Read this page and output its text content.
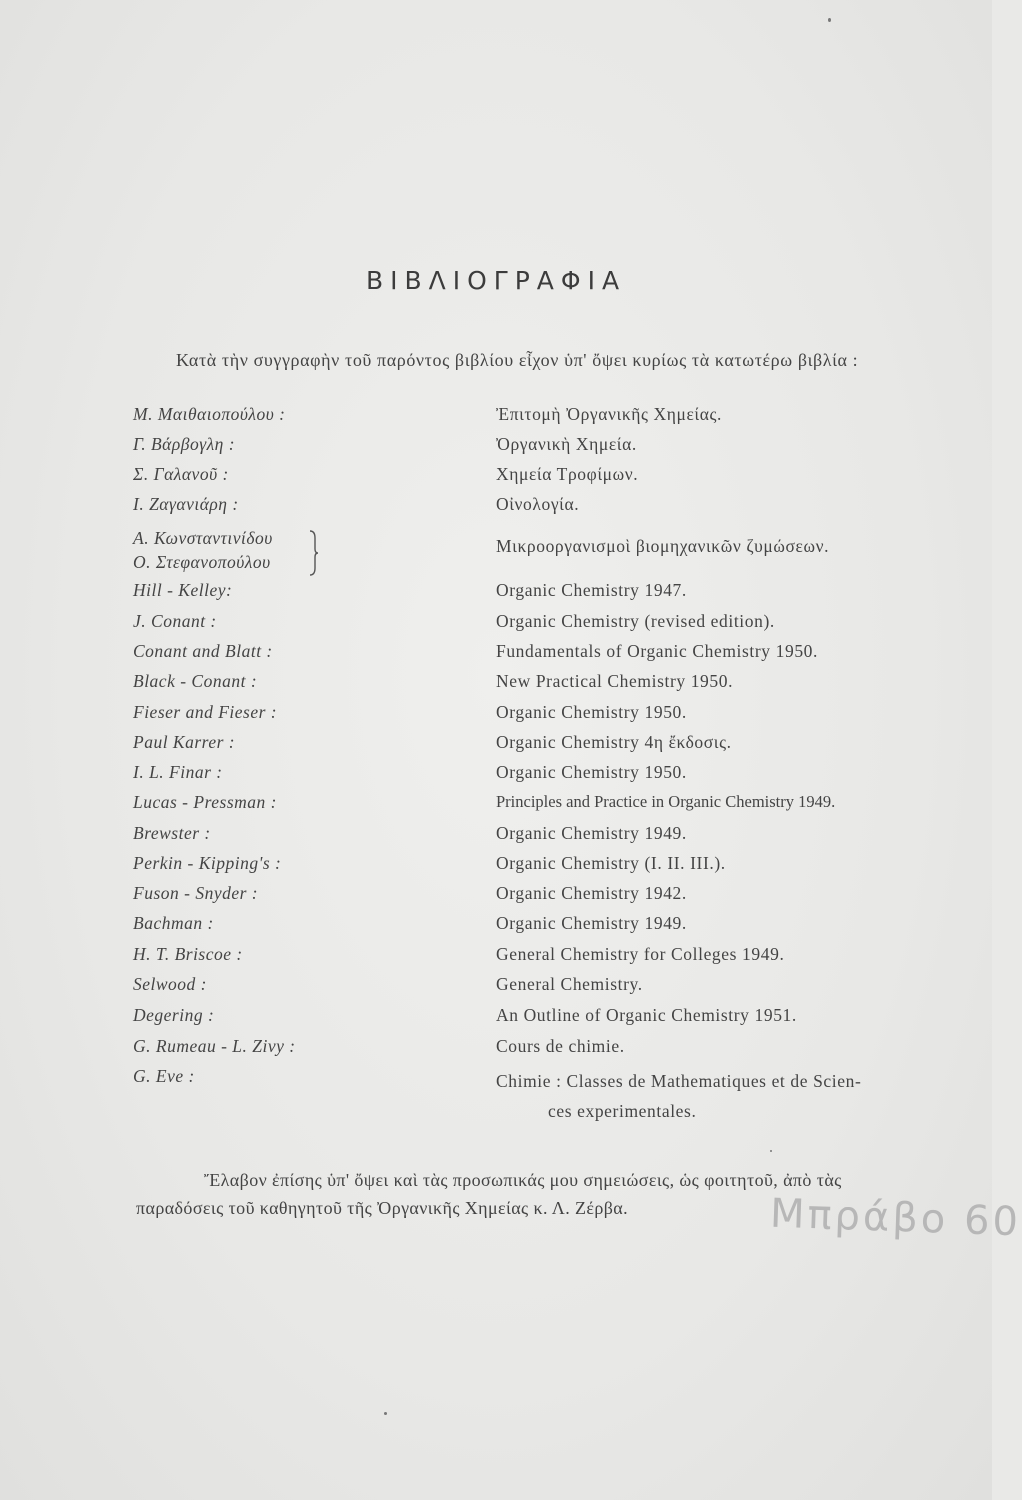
ΒΙΒΛΙΟΓΡΑΦΙΑ
Κατὰ τὴν συγγραφὴν τοῦ παρόντος βιβλίου εἶχον ὑπ' ὄψει κυρίως τὰ κατωτέρω βιβλία :
Μ. Μαιθαιοπούλου :	Ἐπιτομὴ Ὀργανικῆς Χημείας.
Γ. Βάρβογλη :	Ὀργανικὴ Χημεία.
Σ. Γαλανοῦ :	Χημεία Τροφίμων.
Ι. Ζαγανιάρη :	Οἰνολογία.
Α. Κωνσταντινίδου	Μικροοργανισμοὶ βιομηχανικῶν ζυμώσεων.
Ο. Στεφανοπούλου
Hill - Kelley:	Organic Chemistry 1947.
J. Conant :	Organic Chemistry (revised edition).
Conant and Blatt :	Fundamentals of Organic Chemistry 1950.
Black - Conant :	New Practical Chemistry 1950.
Fieser and Fieser :	Organic Chemistry 1950.
Paul Karrer :	Organic Chemistry 4η ἔκδοσις.
I. L. Finar :	Organic Chemistry 1950.
Lucas - Pressman :	Principles and Practice in Organic Chemistry 1949.
Brewster :	Organic Chemistry 1949.
Perkin - Kipping's :	Organic Chemistry (I. II. III.).
Fuson - Snyder :	Organic Chemistry 1942.
Bachman :	Organic Chemistry 1949.
H. T. Briscoe :	General Chemistry for Colleges 1949.
Selwood :	General Chemistry.
Degering :	An Outline of Organic Chemistry 1951.
G. Rumeau - L. Zivy :	Cours de chimie.
G. Eve :	Chimie : Classes de Mathematiques et de Scien-
ces experimentales.
Ἔλαβον ἐπίσης ὑπ' ὄψει καὶ τὰς προσωπικάς μου σημειώσεις, ὡς φοιτητοῦ, ἀπὸ τὰς
παραδόσεις τοῦ καθηγητοῦ τῆς Ὀργανικῆς Χημείας κ. Λ. Ζέρβα.	Μπράβο 60
